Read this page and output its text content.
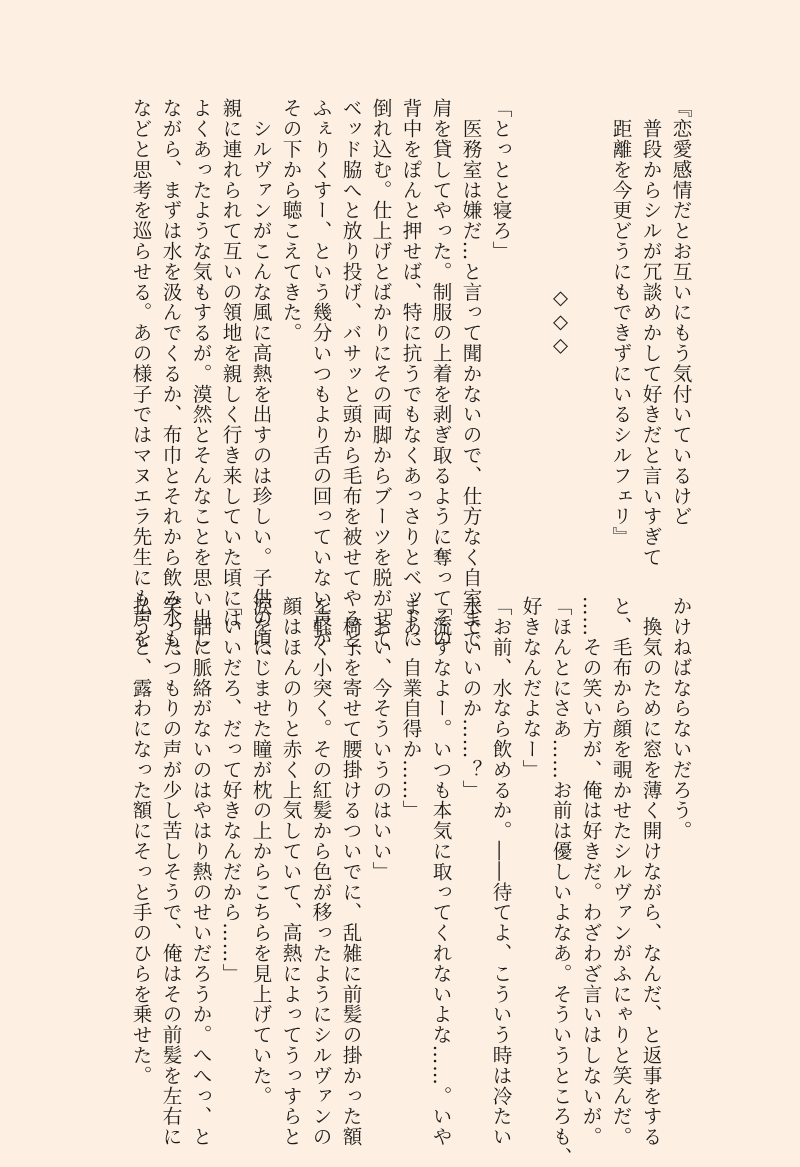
『恋愛感情だとお互いにもう気付いているけど
　普段からシルが冗談めかして好きだと言いすぎて
　距離を今更どうにもできずにいるシルフェリ』
◇◇◇
「とっとと寝ろ」
　医務室は嫌だ…と言って聞かないので、仕方なく自室まで
肩を貸してやった。制服の上着を剥ぎ取るように奪ってその
背中をぽんと押せば、特に抗うでもなくあっさりとベッドに
倒れ込む。仕上げとばかりにその両脚からブーツを脱がせて
ベッド脇へと放り投げ、バサッと頭から毛布を被せてやると、
ふぇりくすー、という幾分いつもより舌の回っていない声が
その下から聴こえてきた。
　シルヴァンがこんな風に高熱を出すのは珍しい。子供の頃、
親に連れられて互いの領地を親しく行き来していた頃には
よくあったような気もするが。漠然とそんなことを思い出し
ながら、まずは水を汲んでくるか、布巾とそれから飲み水も、
などと思考を巡らせる。あの様子ではマヌエラ先生にも声を
かけねばならないだろう。
　換気のために窓を薄く開けながら、なんだ、と返事をする
と、毛布から顔を覗かせたシルヴァンがふにゃりと笑んだ。
……その笑い方が、俺は好きだ。わざわざ言いはしないが。
「ほんとにさあ……お前は優しいよなあ。そういうところも、
好きなんだよなー」
「お前、水なら飲めるか。――待てよ、こういう時は冷たい
水でいいのか……？」
「流すなよー。いつも本気に取ってくれないよな……。いや
まあ、自業自得か……」
「おい、今そういうのはいい」
　椅子を寄せて腰掛けるついでに、乱雑に前髪の掛かった額
を軽く小突く。その紅髪から色が移ったようにシルヴァンの
顔はほんのりと赤く上気していて、高熱によってうっすらと
涙をにじませた瞳が枕の上からこちらを見上げていた。
「いいだろ、だって好きなんだから……」
　話に脈絡がないのはやはり熱のせいだろうか。へへっ、と
笑ったつもりの声が少し苦しそうで、俺はその前髪を左右に
払うと、露わになった額にそっと手のひらを乗せた。
